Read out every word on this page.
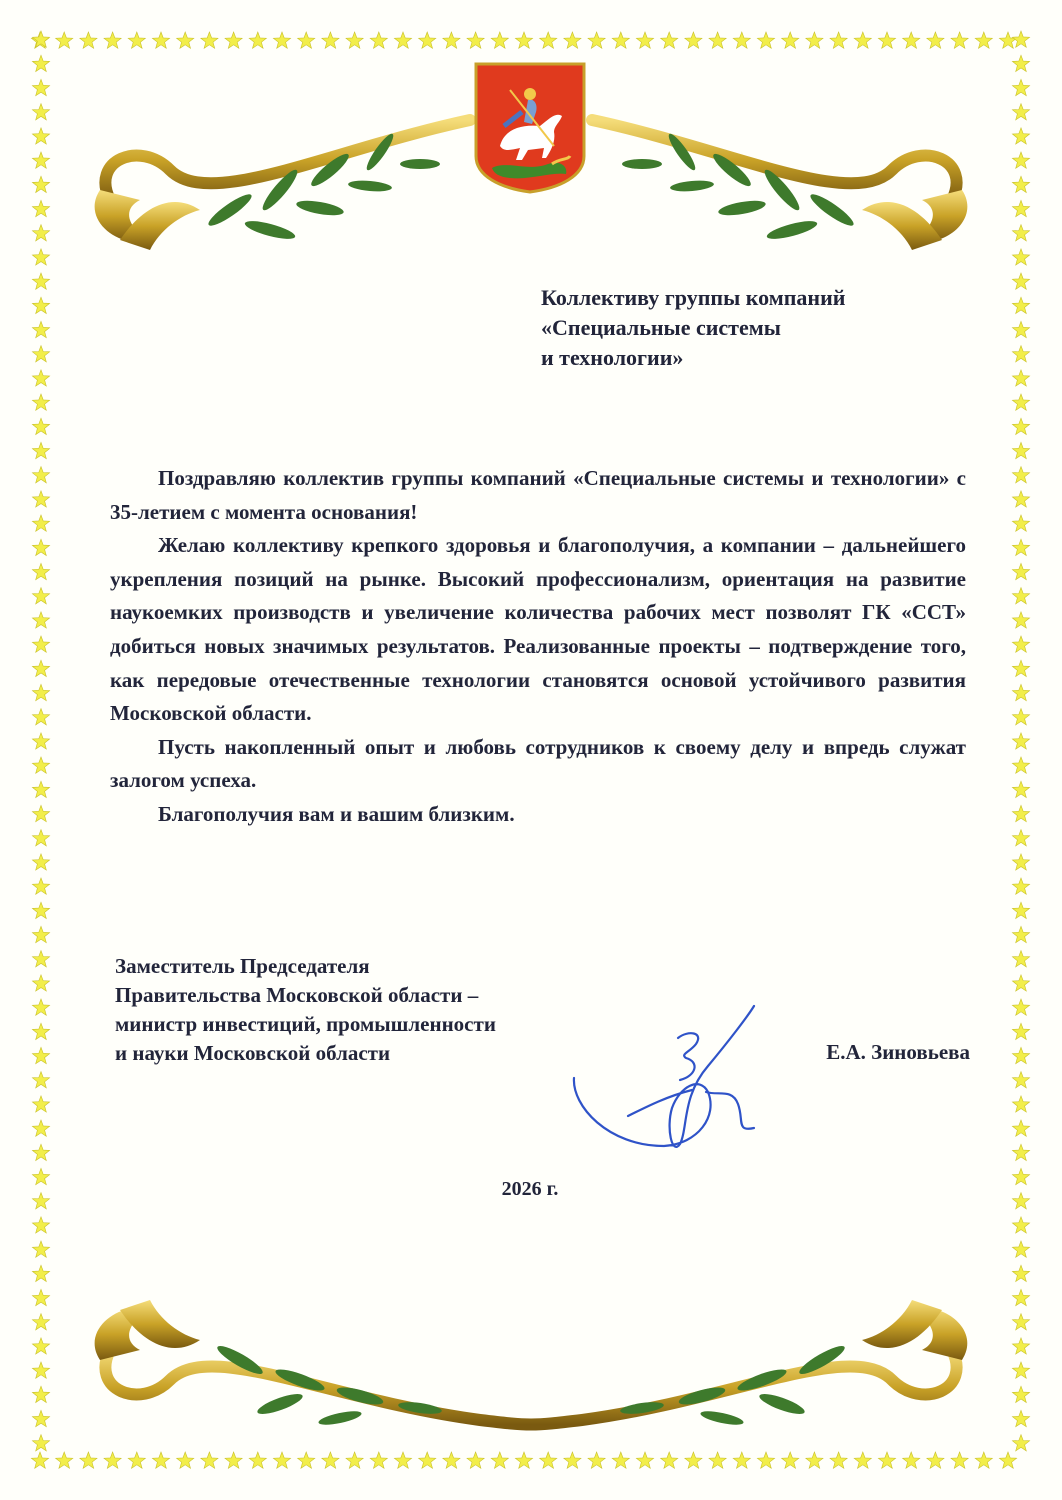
Коллективу группы компаний
«Специальные системы
и технологии»

Поздравляю коллектив группы компаний «Специальные системы и технологии» с 35-летием с момента основания!

Желаю коллективу крепкого здоровья и благополучия, а компании – дальнейшего укрепления позиций на рынке. Высокий профессионализм, ориентация на развитие наукоемких производств и увеличение количества рабочих мест позволят ГК «ССТ» добиться новых значимых результатов. Реализованные проекты – подтверждение того, как передовые отечественные технологии становятся основой устойчивого развития Московской области.

Пусть накопленный опыт и любовь сотрудников к своему делу и впредь служат залогом успеха.

Благополучия вам и вашим близким.

Заместитель Председателя
Правительства Московской области –
министр инвестиций, промышленности
и науки Московской области	Е.А. Зиновьева
2026 г.
